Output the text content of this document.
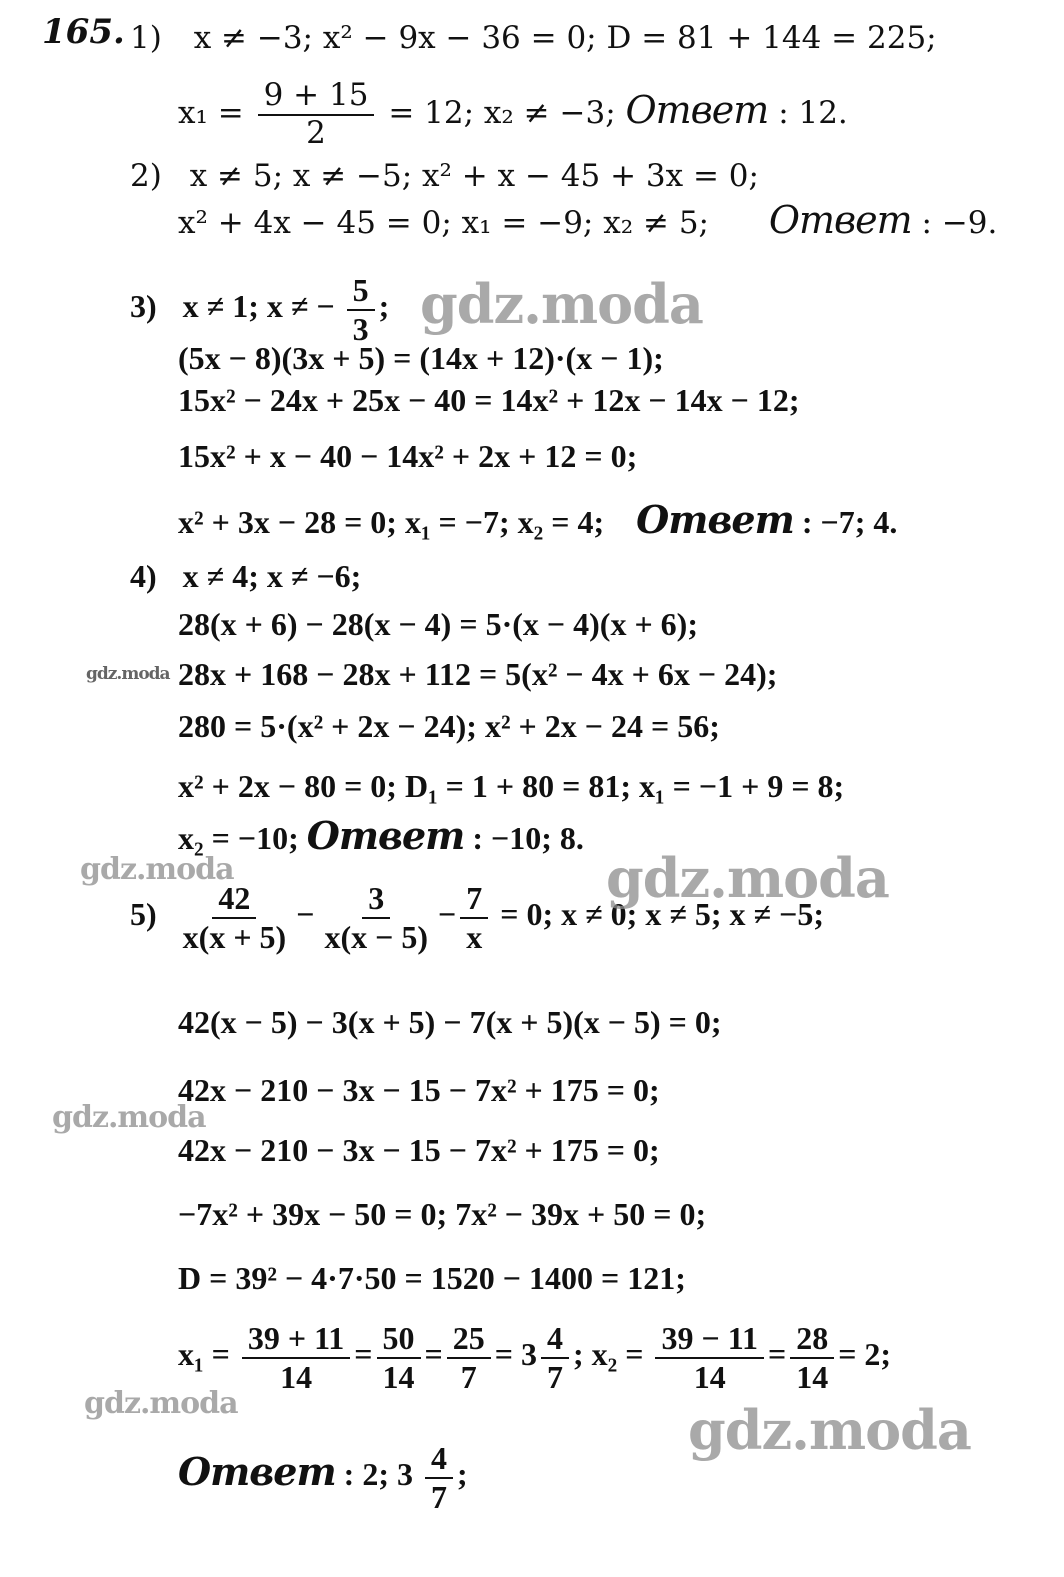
165. 1) x ≠ −3; x² − 9x − 36 = 0; D = 81 + 144 = 225;
$x_1 = \frac{9 + 15}{2} = 12$; x₂ ≠ −3; Ответ : 12.
2) x ≠ 5; x ≠ −5; x² + x − 45 + 3x = 0;
x² + 4x − 45 = 0; x₁ = −9; x₂ ≠ 5; Ответ : −9.
3) x ≠ 1; x ≠ − $\frac{5}{3}$ ;
(5x − 8)(3x + 5) = (14x + 12)·(x − 1);
15x² − 24x + 25x − 40 = 14x² + 12x − 14x − 12;
15x² + x − 40 − 14x² + 2x + 12 = 0;
x² + 3x − 28 = 0; x₁ = −7; x₂ = 4; Ответ : −7; 4.
4) x ≠ 4; x ≠ −6;
28(x + 6) − 28(x − 4) = 5·(x − 4)(x + 6);
28x + 168 − 28x + 112 = 5(x² − 4x + 6x − 24);
280 = 5·(x² + 2x − 24); x² + 2x − 24 = 56;
x² + 2x − 80 = 0; D₁ = 1 + 80 = 81; x₁ = −1 + 9 = 8;
x₂ = −10; Ответ : −10; 8.
$5) \frac{42}{x(x + 5)} - \frac{3}{x(x - 5)} - \frac{7}{x} = 0$; x ≠ 0; x ≠ 5; x ≠ −5;
42(x − 5) − 3(x + 5) − 7(x + 5)(x − 5) = 0;
42x − 210 − 3x − 15 − 7x² + 175 = 0;
42x − 210 − 3x − 15 − 7x² + 175 = 0;
−7x² + 39x − 50 = 0; 7x² − 39x + 50 = 0;
D = 39² − 4·7·50 = 1520 − 1400 = 121;
$x_1 = \frac{39 + 11}{14} = \frac{50}{14} = \frac{25}{7} = 3 \frac{4}{7}$ ; $x_2 = \frac{39 - 11}{14} = \frac{28}{14} = 2$;
Ответ : 2; $3 \frac{4}{7}$ ;
gdz.moda
gdz.moda
gdz.moda	gdz.moda
gdz.moda
gdz.moda	gdz.moda
